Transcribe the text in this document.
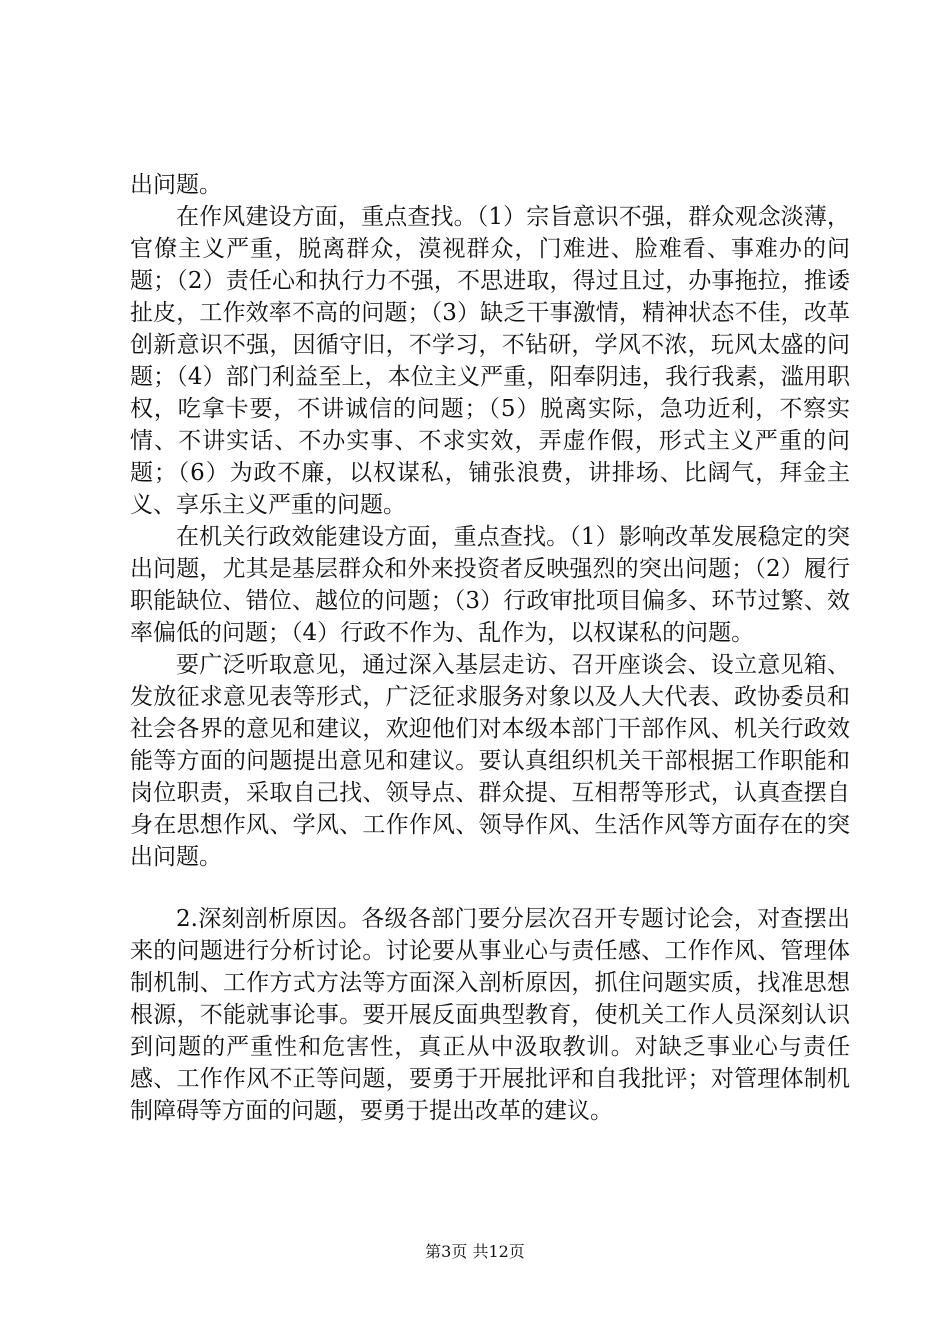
出问题。

在作风建设方面，重点查找。（1）宗旨意识不强，群众观念淡薄，官僚主义严重，脱离群众，漠视群众，门难进、脸难看、事难办的问题；（2）责任心和执行力不强，不思进取，得过且过，办事拖拉，推诿扯皮，工作效率不高的问题；（3）缺乏干事激情，精神状态不佳，改革创新意识不强，因循守旧，不学习，不钻研，学风不浓，玩风太盛的问题；（4）部门利益至上，本位主义严重，阳奉阴违，我行我素，滥用职权，吃拿卡要，不讲诚信的问题；（5）脱离实际，急功近利，不察实情、不讲实话、不办实事、不求实效，弄虚作假，形式主义严重的问题；（6）为政不廉，以权谋私，铺张浪费，讲排场、比阔气，拜金主义、享乐主义严重的问题。

在机关行政效能建设方面，重点查找。（1）影响改革发展稳定的突出问题，尤其是基层群众和外来投资者反映强烈的突出问题；（2）履行职能缺位、错位、越位的问题；（3）行政审批项目偏多、环节过繁、效率偏低的问题；（4）行政不作为、乱作为，以权谋私的问题。

要广泛听取意见，通过深入基层走访、召开座谈会、设立意见箱、发放征求意见表等形式，广泛征求服务对象以及人大代表、政协委员和社会各界的意见和建议，欢迎他们对本级本部门干部作风、机关行政效能等方面的问题提出意见和建议。要认真组织机关干部根据工作职能和岗位职责，采取自己找、领导点、群众提、互相帮等形式，认真查摆自身在思想作风、学风、工作作风、领导作风、生活作风等方面存在的突出问题。

2.深刻剖析原因。各级各部门要分层次召开专题讨论会，对查摆出来的问题进行分析讨论。讨论要从事业心与责任感、工作作风、管理体制机制、工作方式方法等方面深入剖析原因，抓住问题实质，找准思想根源，不能就事论事。要开展反面典型教育，使机关工作人员深刻认识到问题的严重性和危害性，真正从中汲取教训。对缺乏事业心与责任感、工作作风不正等问题，要勇于开展批评和自我批评；对管理体制机制障碍等方面的问题，要勇于提出改革的建议。

第3页 共12页
